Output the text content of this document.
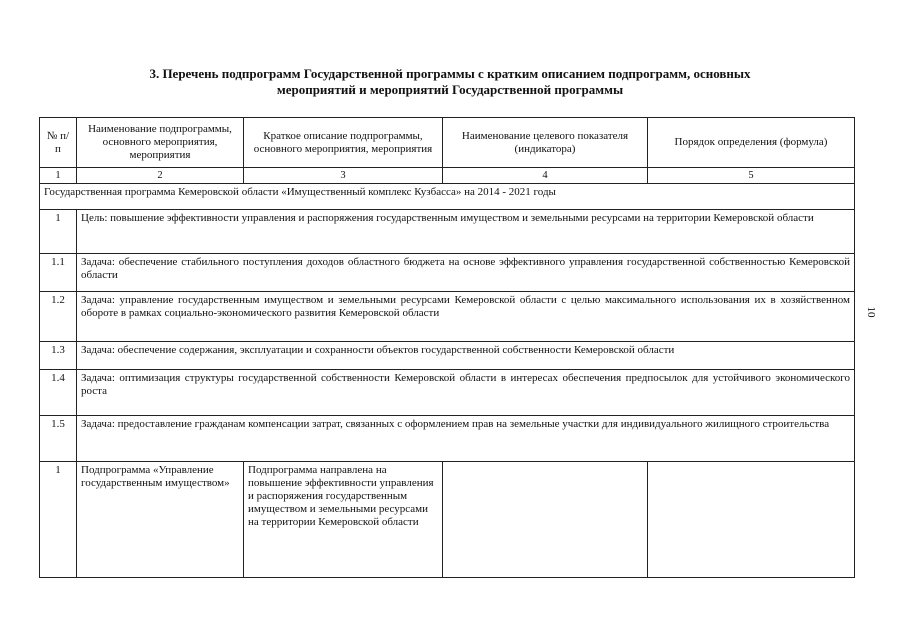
3. Перечень подпрограмм Государственной программы с кратким описанием подпрограмм, основных
мероприятий и мероприятий Государственной программы
№ п/п	Наименование подпрограммы, основного мероприятия, мероприятия	Краткое описание подпрограммы, основного мероприятия, мероприятия	Наименование целевого показателя (индикатора)	Порядок определения (формула)
1	2	3	4	5
Государственная программа Кемеровской области «Имущественный комплекс Кузбасса» на 2014 - 2021 годы				
1	Цель: повышение эффективности управления и распоряжения государственным имуществом и земельными ресурсами на территории Кемеровской области			
1.1	Задача: обеспечение стабильного поступления доходов областного бюджета на основе эффективного управления государственной собственностью Кемеровской области			
1.2	Задача: управление государственным имуществом и земельными ресурсами Кемеровской области с целью максимального использования их в хозяйственном обороте в рамках социально-экономического развития Кемеровской области			
1.3	Задача: обеспечение содержания, эксплуатации и сохранности объектов государственной собственности Кемеровской области			
1.4	Задача: оптимизация структуры государственной собственности Кемеровской области в интересах обеспечения предпосылок для устойчивого экономического роста			
1.5	Задача: предоставление гражданам компенсации затрат, связанных с оформлением прав на земельные участки для индивидуального жилищного строительства			
1	Подпрограмма «Управление государственным имуществом»	Подпрограмма направлена на повышение эффективности управления и распоряжения государственным имуществом и земельными ресурсами на территории Кемеровской области		
10
